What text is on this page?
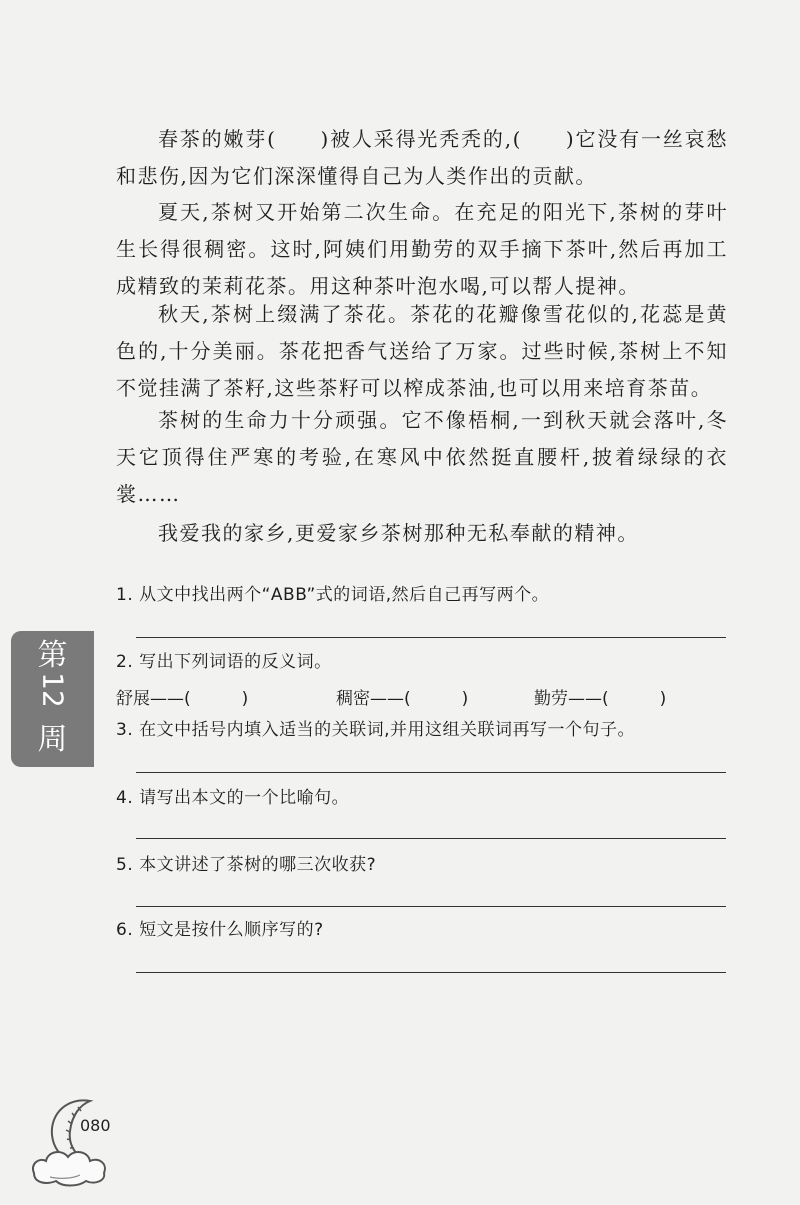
春茶的嫩芽(　　)被人采得光秃秃的,(　　)它没有一丝哀愁和悲伤,因为它们深深懂得自己为人类作出的贡献。

夏天,茶树又开始第二次生命。在充足的阳光下,茶树的芽叶生长得很稠密。这时,阿姨们用勤劳的双手摘下茶叶,然后再加工成精致的茉莉花茶。用这种茶叶泡水喝,可以帮人提神。

秋天,茶树上缀满了茶花。茶花的花瓣像雪花似的,花蕊是黄色的,十分美丽。茶花把香气送给了万家。过些时候,茶树上不知不觉挂满了茶籽,这些茶籽可以榨成茶油,也可以用来培育茶苗。

茶树的生命力十分顽强。它不像梧桐,一到秋天就会落叶,冬天它顶得住严寒的考验,在寒风中依然挺直腰杆,披着绿绿的衣裳……

我爱我的家乡,更爱家乡茶树那种无私奉献的精神。

1. 从文中找出两个“ABB”式的词语,然后自己再写两个。

2. 写出下列词语的反义词。

舒展——(　　　)	稠密——(　　　)	勤劳——(　　　)

3. 在文中括号内填入适当的关联词,并用这组关联词再写一个句子。

4. 请写出本文的一个比喻句。

5. 本文讲述了茶树的哪三次收获?

6. 短文是按什么顺序写的?

第
12
周
080
